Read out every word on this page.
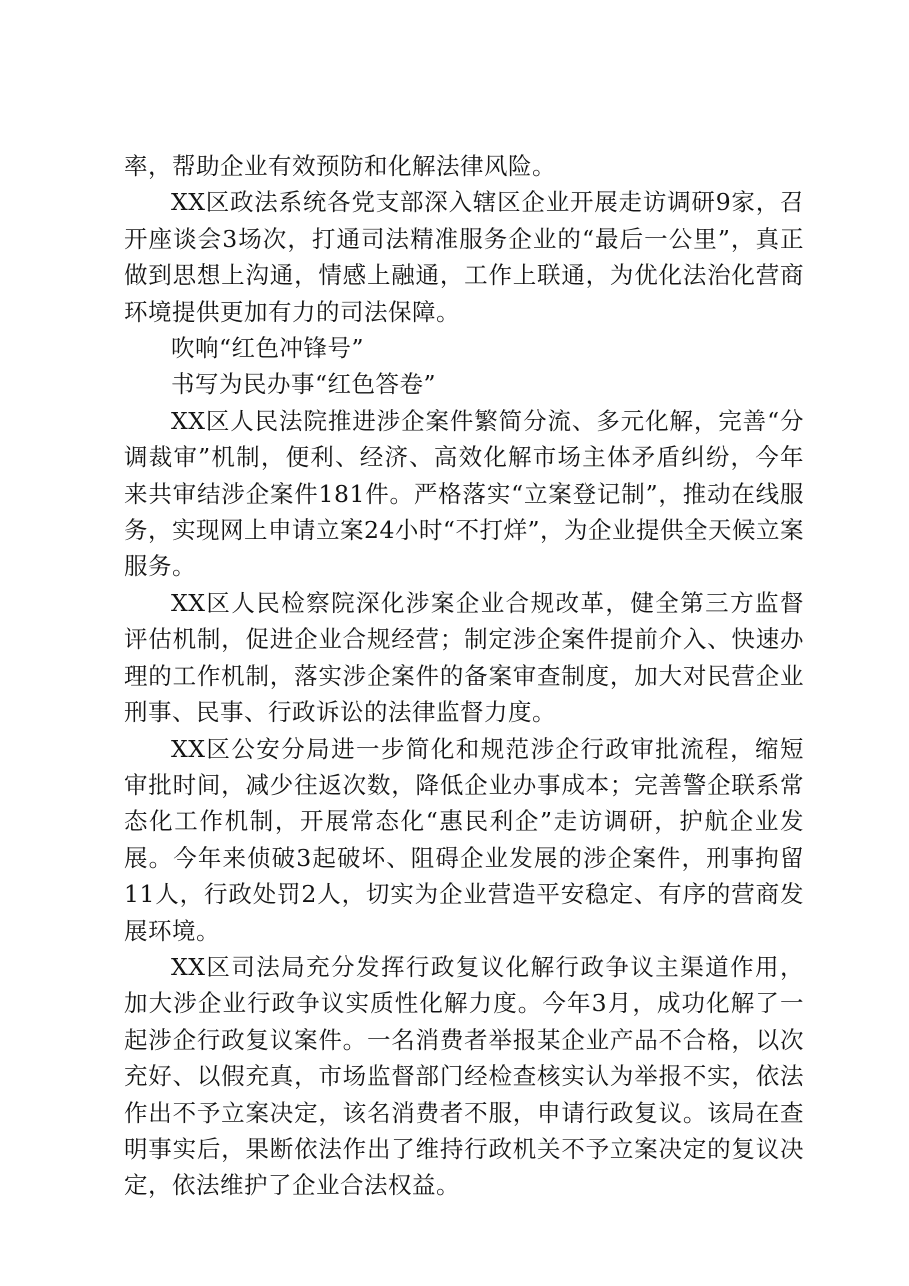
率，帮助企业有效预防和化解法律风险。

XX区政法系统各党支部深入辖区企业开展走访调研9家，召开座谈会3场次，打通司法精准服务企业的“最后一公里”，真正做到思想上沟通，情感上融通，工作上联通，为优化法治化营商环境提供更加有力的司法保障。

吹响“红色冲锋号”

书写为民办事“红色答卷”

XX区人民法院推进涉企案件繁简分流、多元化解，完善“分调裁审”机制，便利、经济、高效化解市场主体矛盾纠纷，今年来共审结涉企案件181件。严格落实“立案登记制”，推动在线服务，实现网上申请立案24小时“不打烊”，为企业提供全天候立案服务。

XX区人民检察院深化涉案企业合规改革，健全第三方监督评估机制，促进企业合规经营；制定涉企案件提前介入、快速办理的工作机制，落实涉企案件的备案审查制度，加大对民营企业刑事、民事、行政诉讼的法律监督力度。

XX区公安分局进一步简化和规范涉企行政审批流程，缩短审批时间，减少往返次数，降低企业办事成本；完善警企联系常态化工作机制，开展常态化“惠民利企”走访调研，护航企业发展。今年来侦破3起破坏、阻碍企业发展的涉企案件，刑事拘留11人，行政处罚2人，切实为企业营造平安稳定、有序的营商发展环境。

XX区司法局充分发挥行政复议化解行政争议主渠道作用，加大涉企业行政争议实质性化解力度。今年3月，成功化解了一起涉企行政复议案件。一名消费者举报某企业产品不合格，以次充好、以假充真，市场监督部门经检查核实认为举报不实，依法作出不予立案决定，该名消费者不服，申请行政复议。该局在查明事实后，果断依法作出了维持行政机关不予立案决定的复议决定，依法维护了企业合法权益。
